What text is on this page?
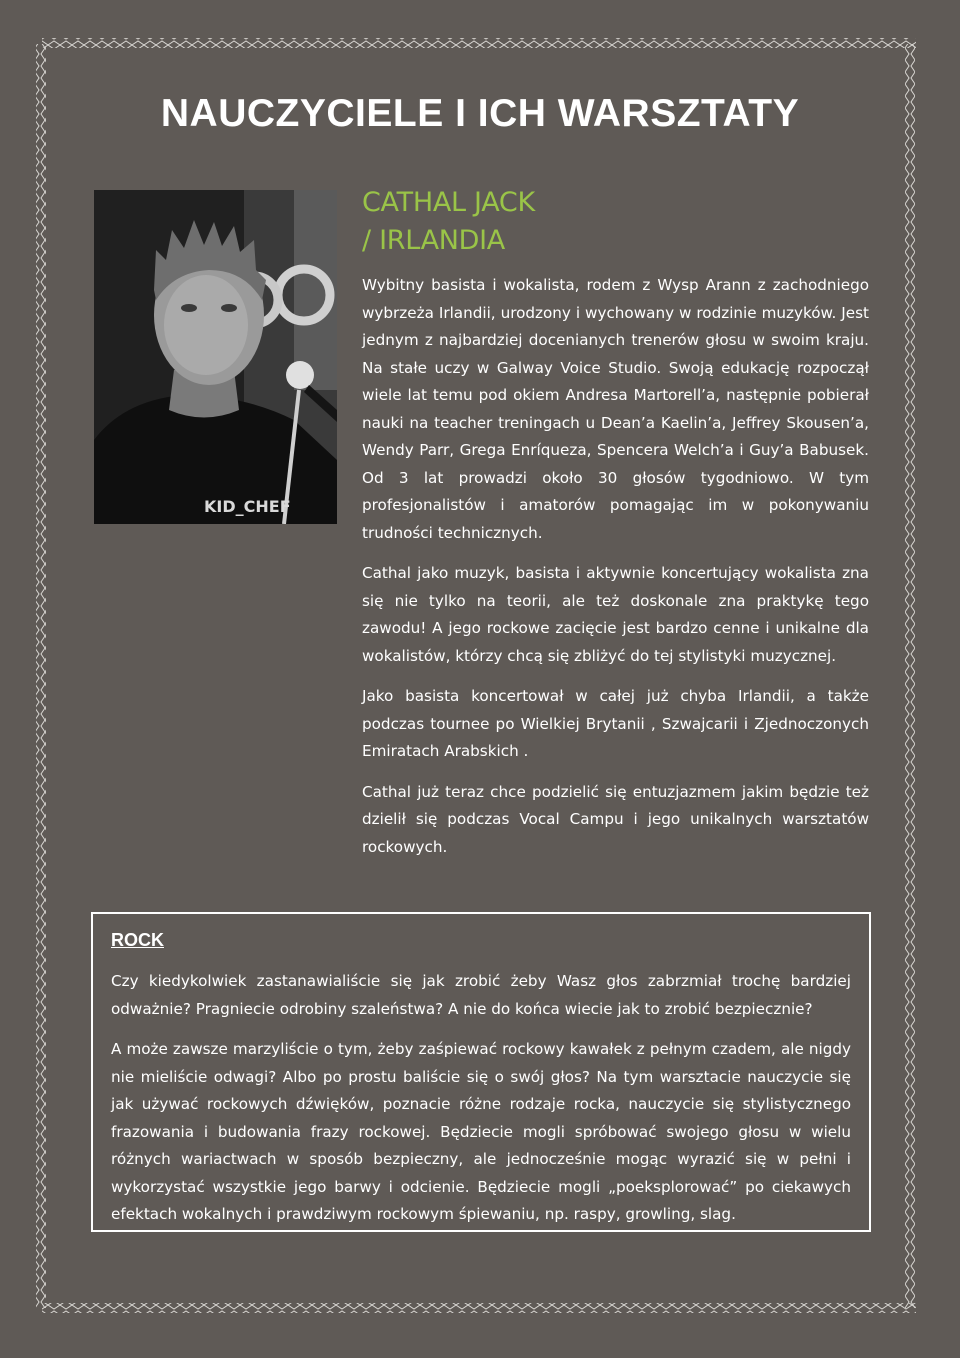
NAUCZYCIELE I ICH WARSZTATY
KID_CHEF
CATHAL JACK
/ IRLANDIA

Wybitny basista i wokalista, rodem z Wysp Arann z zachodniego wybrzeża Irlandii, urodzony i wychowany w rodzinie muzyków. Jest jednym z najbardziej docenianych trenerów głosu w swoim kraju. Na stałe uczy w Galway Voice Studio. Swoją edukację rozpoczął wiele lat temu pod okiem Andresa Martorell’a, następnie pobierał nauki na teacher treningach u Dean’a Kaelin’a, Jeffrey Skousen’a, Wendy Parr, Grega Enríqueza, Spencera Welch’a i Guy’a Babusek. Od 3 lat prowadzi około 30 głosów tygodniowo. W tym profesjonalistów i amatorów pomagając im w pokonywaniu trudności technicznych.

Cathal jako muzyk, basista i aktywnie koncertujący wokalista zna się nie tylko na teorii, ale też doskonale zna praktykę tego zawodu! A jego rockowe zacięcie jest bardzo cenne i unikalne dla wokalistów, którzy chcą się zbliżyć do tej stylistyki muzycznej.

Jako basista koncertował w całej już chyba Irlandii, a także podczas tournee po Wielkiej Brytanii , Szwajcarii i Zjednoczonych Emiratach Arabskich .

Cathal już teraz chce podzielić się entuzjazmem jakim będzie też dzielił się podczas Vocal Campu i jego unikalnych warsztatów rockowych.

ROCK

Czy kiedykolwiek zastanawialiście się jak zrobić żeby Wasz głos zabrzmiał trochę bardziej odważnie? Pragniecie odrobiny szaleństwa? A nie do końca wiecie jak to zrobić bezpiecznie?

A może zawsze marzyliście o tym, żeby zaśpiewać rockowy kawałek z pełnym czadem, ale nigdy nie mieliście odwagi? Albo po prostu baliście się o swój głos? Na tym warsztacie nauczycie się jak używać rockowych dźwięków, poznacie różne rodzaje rocka, nauczycie się stylistycznego frazowania i budowania frazy rockowej. Będziecie mogli spróbować swojego głosu w wielu różnych wariactwach w sposób bezpieczny, ale jednocześnie mogąc wyrazić się w pełni i wykorzystać wszystkie jego barwy i odcienie. Będziecie mogli „poeksplorować” po ciekawych efektach wokalnych i prawdziwym rockowym śpiewaniu, np. raspy, growling, slag.
